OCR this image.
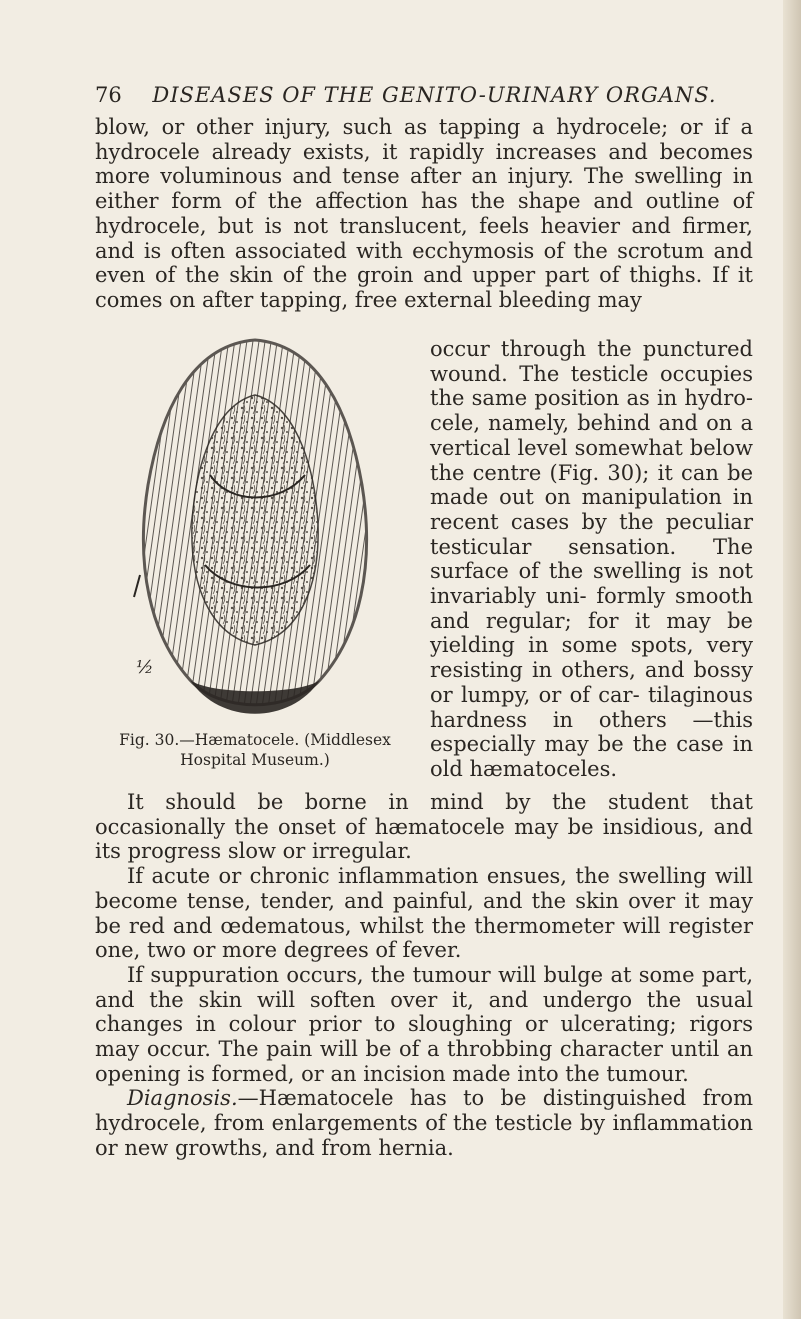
76 DISEASES OF THE GENITO-URINARY ORGANS.

blow, or other injury, such as tapping a hydrocele; or if a hydrocele already exists, it rapidly increases and becomes more voluminous and tense after an injury. The swelling in either form of the affection has the shape and outline of hydrocele, but is not translucent, feels heavier and firmer, and is often associated with ecchymosis of the scrotum and even of the skin of the groin and upper part of thighs. If it comes on after tapping, free external bleeding may

½
Fig. 30.—Hæmatocele. (Middlesex Hospital Museum.)

occur through the punctured wound. The testicle occupies the same position as in hydro- cele, namely, behind and on a vertical level somewhat below the centre (Fig. 30); it can be made out on manipulation in recent cases by the peculiar testicular sensation. The surface of the swelling is not invariably uni- formly smooth and regular; for it may be yielding in some spots, very resisting in others, and bossy or lumpy, or of car- tilaginous hardness in others —this especially may be the case in old hæmatoceles.

It should be borne in mind by the student that occasionally the onset of hæmatocele may be insidious, and its progress slow or irregular.

If acute or chronic inflammation ensues, the swelling will become tense, tender, and painful, and the skin over it may be red and œdematous, whilst the thermometer will register one, two or more degrees of fever.

If suppuration occurs, the tumour will bulge at some part, and the skin will soften over it, and undergo the usual changes in colour prior to sloughing or ulcerating; rigors may occur. The pain will be of a throbbing character until an opening is formed, or an incision made into the tumour.

Diagnosis.—Hæmatocele has to be distinguished from hydrocele, from enlargements of the testicle by inflammation or new growths, and from hernia.
